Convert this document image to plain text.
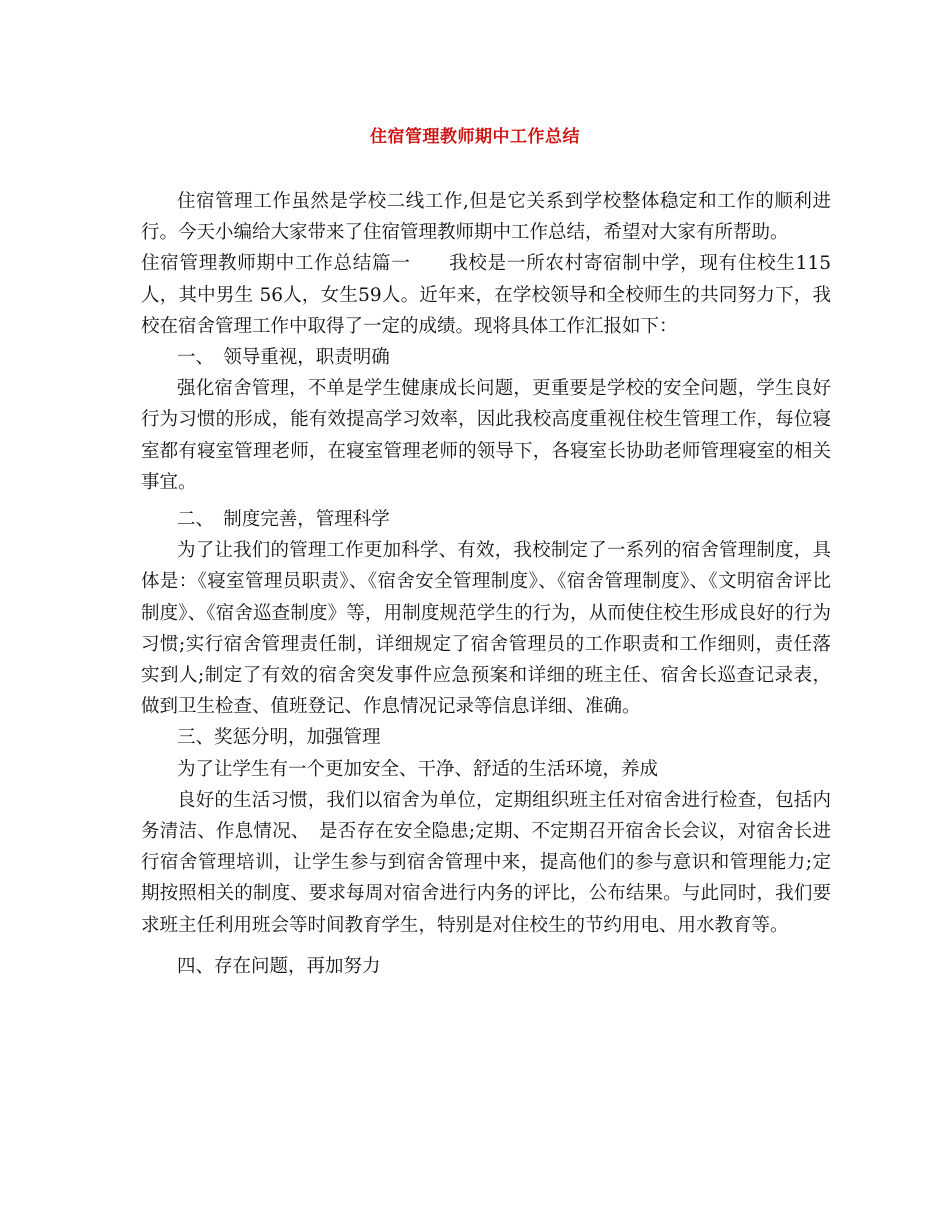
住宿管理教师期中工作总结

住宿管理工作虽然是学校二线工作,但是它关系到学校整体稳定和工作的顺利进行。今天小编给大家带来了住宿管理教师期中工作总结，希望对大家有所帮助。

住宿管理教师期中工作总结篇一　　我校是一所农村寄宿制中学，现有住校生115人，其中男生 56人，女生59人。近年来，在学校领导和全校师生的共同努力下，我校在宿舍管理工作中取得了一定的成绩。现将具体工作汇报如下：

一、　领导重视，职责明确

强化宿舍管理，不单是学生健康成长问题，更重要是学校的安全问题，学生良好行为习惯的形成，能有效提高学习效率，因此我校高度重视住校生管理工作，每位寝室都有寝室管理老师，在寝室管理老师的领导下，各寝室长协助老师管理寝室的相关事宜。

二、　制度完善，管理科学

为了让我们的管理工作更加科学、有效，我校制定了一系列的宿舍管理制度，具体是：《寝室管理员职责》、《宿舍安全管理制度》、《宿舍管理制度》、《文明宿舍评比制度》、《宿舍巡查制度》等，用制度规范学生的行为，从而使住校生形成良好的行为习惯;实行宿舍管理责任制，详细规定了宿舍管理员的工作职责和工作细则，责任落实到人;制定了有效的宿舍突发事件应急预案和详细的班主任、宿舍长巡查记录表，做到卫生检查、值班登记、作息情况记录等信息详细、准确。

三、奖惩分明，加强管理

为了让学生有一个更加安全、干净、舒适的生活环境，养成

良好的生活习惯，我们以宿舍为单位，定期组织班主任对宿舍进行检查，包括内务清洁、作息情况、　是否存在安全隐患;定期、不定期召开宿舍长会议，对宿舍长进行宿舍管理培训，让学生参与到宿舍管理中来，提高他们的参与意识和管理能力;定期按照相关的制度、要求每周对宿舍进行内务的评比，公布结果。与此同时，我们要求班主任利用班会等时间教育学生，特别是对住校生的节约用电、用水教育等。

四、存在问题，再加努力
